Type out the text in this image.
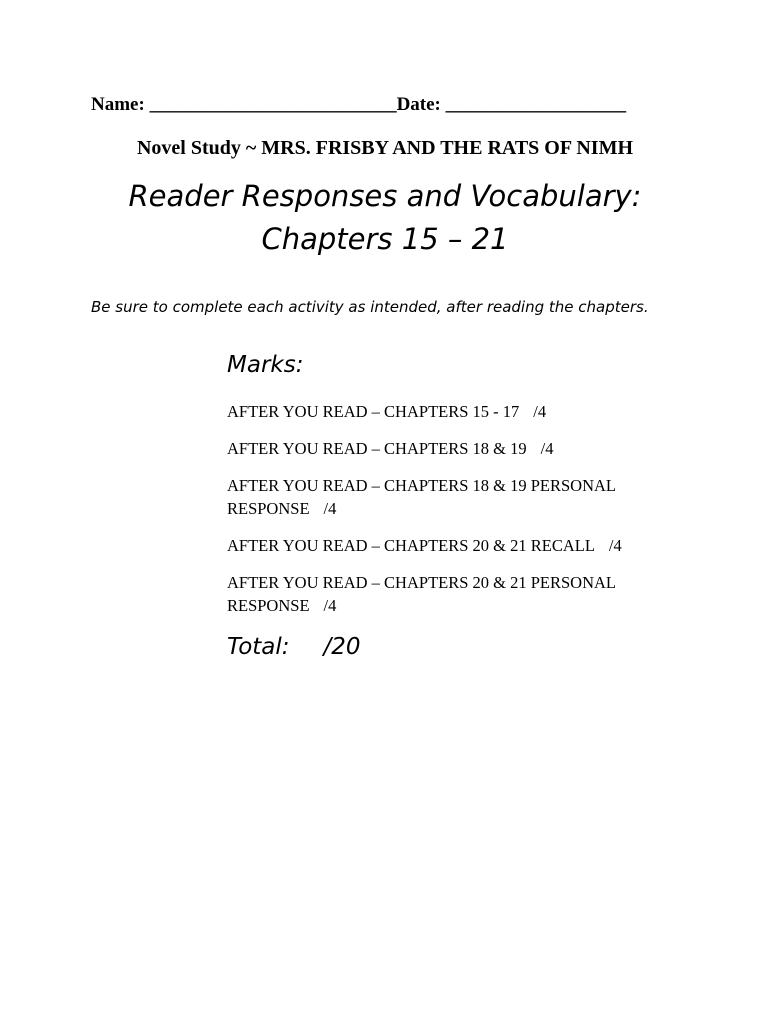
Name: __________________________Date: ___________________
Novel Study ~ MRS. FRISBY AND THE RATS OF NIMH
Reader Responses and Vocabulary:
Chapters 15 – 21
Be sure to complete each activity as intended, after reading the chapters.
Marks:
AFTER YOU READ – CHAPTERS 15 - 17 /4
AFTER YOU READ – CHAPTERS 18 & 19 /4
AFTER YOU READ – CHAPTERS 18 & 19 PERSONAL RESPONSE /4
AFTER YOU READ – CHAPTERS 20 & 21 RECALL /4
AFTER YOU READ – CHAPTERS 20 & 21 PERSONAL RESPONSE /4
Total: /20
